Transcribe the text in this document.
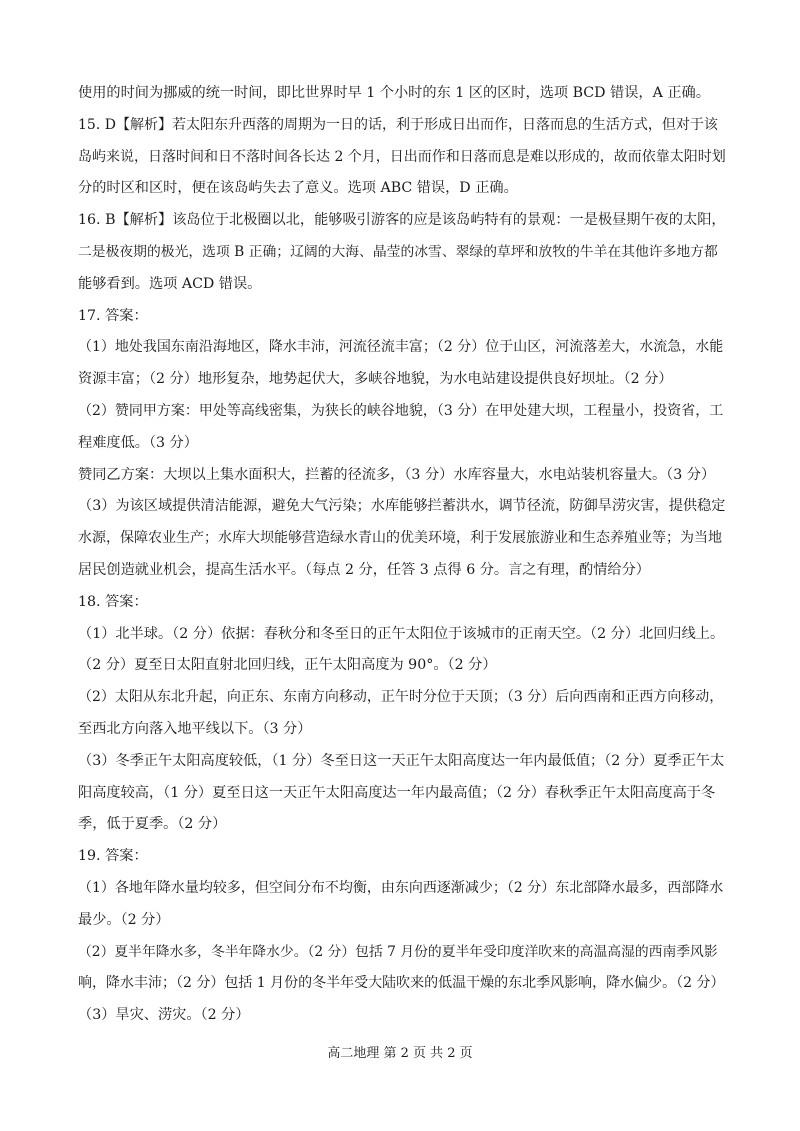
使用的时间为挪威的统一时间，即比世界时早 1 个小时的东 1 区的区时，选项 BCD 错误，A 正确。
15. D【解析】若太阳东升西落的周期为一日的话，利于形成日出而作，日落而息的生活方式，但对于该
岛屿来说，日落时间和日不落时间各长达 2 个月，日出而作和日落而息是难以形成的，故而依靠太阳时划
分的时区和区时，便在该岛屿失去了意义。选项 ABC 错误，D 正确。
16. B【解析】该岛位于北极圈以北，能够吸引游客的应是该岛屿特有的景观：一是极昼期午夜的太阳，
二是极夜期的极光，选项 B 正确；辽阔的大海、晶莹的冰雪、翠绿的草坪和放牧的牛羊在其他许多地方都
能够看到。选项 ACD 错误。
17. 答案：
（1）地处我国东南沿海地区，降水丰沛，河流径流丰富；（2 分）位于山区，河流落差大，水流急，水能
资源丰富；（2 分）地形复杂，地势起伏大，多峡谷地貌，为水电站建设提供良好坝址。（2 分）
（2）赞同甲方案：甲处等高线密集，为狭长的峡谷地貌，（3 分）在甲处建大坝，工程量小，投资省，工
程难度低。（3 分）
赞同乙方案：大坝以上集水面积大，拦蓄的径流多，（3 分）水库容量大，水电站装机容量大。（3 分）
（3）为该区域提供清洁能源，避免大气污染；水库能够拦蓄洪水，调节径流，防御旱涝灾害，提供稳定
水源，保障农业生产；水库大坝能够营造绿水青山的优美环境，利于发展旅游业和生态养殖业等；为当地
居民创造就业机会，提高生活水平。（每点 2 分，任答 3 点得 6 分。言之有理，酌情给分）
18. 答案：
（1）北半球。（2 分）依据：春秋分和冬至日的正午太阳位于该城市的正南天空。（2 分）北回归线上。
（2 分）夏至日太阳直射北回归线，正午太阳高度为 90°。（2 分）
（2）太阳从东北升起，向正东、东南方向移动，正午时分位于天顶；（3 分）后向西南和正西方向移动，
至西北方向落入地平线以下。（3 分）
（3）冬季正午太阳高度较低，（1 分）冬至日这一天正午太阳高度达一年内最低值；（2 分）夏季正午太
阳高度较高，（1 分）夏至日这一天正午太阳高度达一年内最高值；（2 分）春秋季正午太阳高度高于冬
季，低于夏季。（2 分）
19. 答案：
（1）各地年降水量均较多，但空间分布不均衡，由东向西逐渐减少；（2 分）东北部降水最多，西部降水
最少。（2 分）
（2）夏半年降水多，冬半年降水少。（2 分）包括 7 月份的夏半年受印度洋吹来的高温高湿的西南季风影
响，降水丰沛；（2 分）包括 1 月份的冬半年受大陆吹来的低温干燥的东北季风影响，降水偏少。（2 分）
（3）旱灾、涝灾。（2 分）
高二地理 第 2 页 共 2 页
